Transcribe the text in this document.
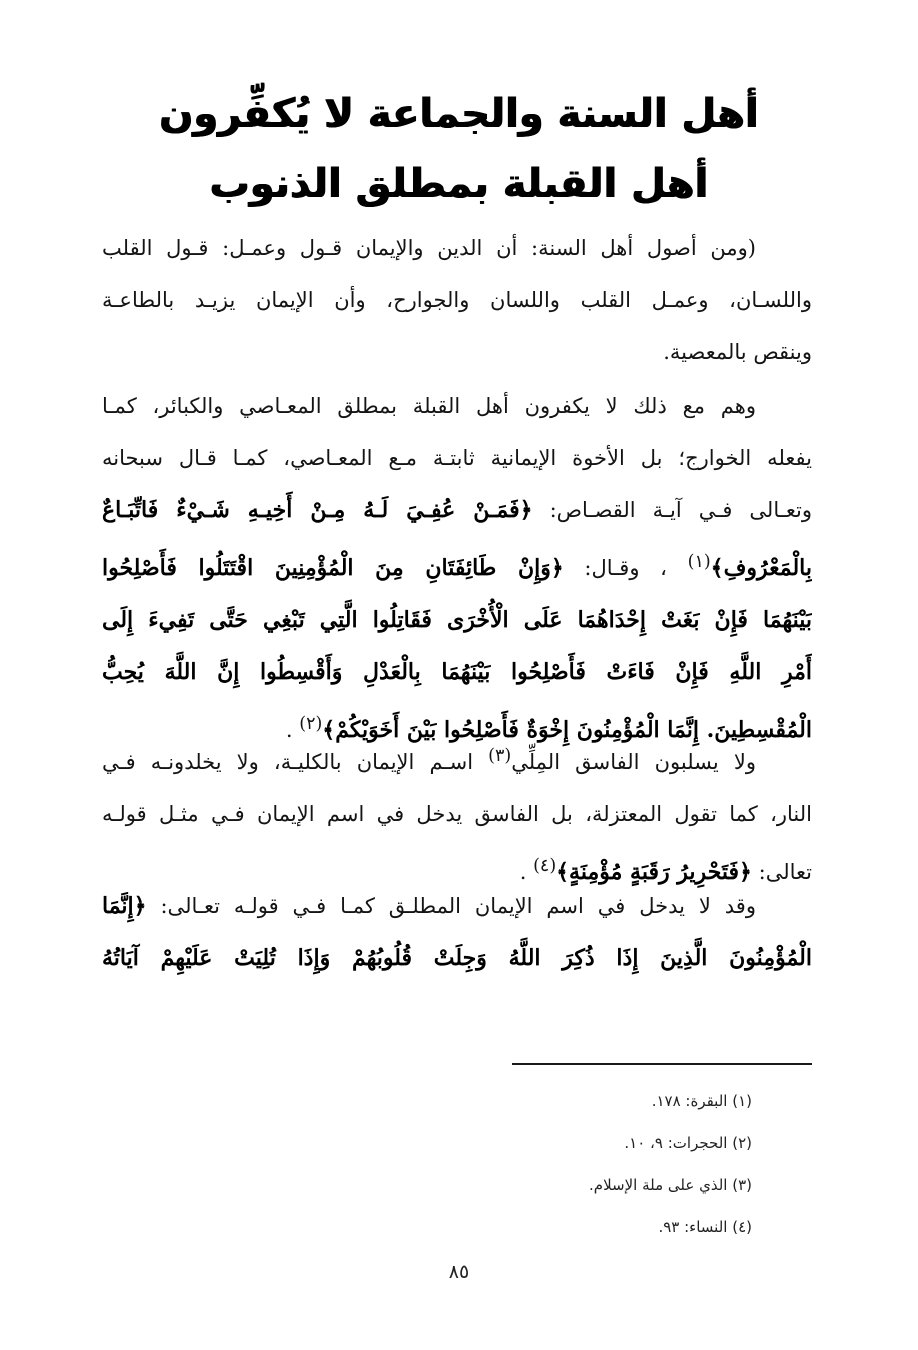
أهل السنة والجماعة لا يُكفِّرون
أهل القبلة بمطلق الذنوب
(ومن أصول أهل السنة: أن الدين والإيمان قـول وعمـل: قـول القلب
واللسـان، وعمـل القلب واللسان والجوارح، وأن الإيمان يزيـد بالطاعـة
وينقص بالمعصية.
وهم مع ذلك لا يكفرون أهل القبلة بمطلق المعـاصي والكبائر، كمـا
يفعله الخوارج؛ بل الأخوة الإيمانية ثابتـة مـع المعـاصي، كمـا قـال سبحانه
وتعـالى فـي آيـة القصـاص: ﴿فَمَـنْ عُفِـيَ لَـهُ مِـنْ أَخِيـهِ شَـيْءٌ فَاتِّبَـاعٌ
بِالْمَعْرُوفِ﴾$^{(١)}$ ، وقـال: ﴿وَإِنْ طَائِفَتَانِ مِنَ الْمُؤْمِنِينَ اقْتَتَلُوا فَأَصْلِحُوا
بَيْنَهُمَا فَإِنْ بَغَتْ إِحْدَاهُمَا عَلَى الْأُخْرَى فَقَاتِلُوا الَّتِي تَبْغِي حَتَّى تَفِيءَ إِلَى
أَمْرِ اللَّهِ فَإِنْ فَاءَتْ فَأَصْلِحُوا بَيْنَهُمَا بِالْعَدْلِ وَأَقْسِطُوا إِنَّ اللَّهَ يُحِبُّ
الْمُقْسِطِينَ. إِنَّمَا الْمُؤْمِنُونَ إِخْوَةٌ فَأَصْلِحُوا بَيْنَ أَخَوَيْكُمْ﴾$^{(٢)}$ .
ولا يسلبون الفاسق المِلِّي$^{(٣)}$ اسـم الإيمان بالكليـة، ولا يخلدونـه فـي
النار، كما تقول المعتزلة، بل الفاسق يدخل في اسم الإيمان فـي مثـل قولـه
تعالى: ﴿فَتَحْرِيرُ رَقَبَةٍ مُؤْمِنَةٍ﴾$^{(٤)}$ .
وقد لا يدخل في اسم الإيمان المطلـق كمـا فـي قولـه تعـالى: ﴿إِنَّمَا
الْمُؤْمِنُونَ الَّذِينَ إِذَا ذُكِرَ اللَّهُ وَجِلَتْ قُلُوبُهُمْ وَإِذَا تُلِيَتْ عَلَيْهِمْ آيَاتُهُ
(١) البقرة: ١٧٨.
(٢) الحجرات: ٩، ١٠.
(٣) الذي على ملة الإسلام.
(٤) النساء: ٩٣.
٨٥
